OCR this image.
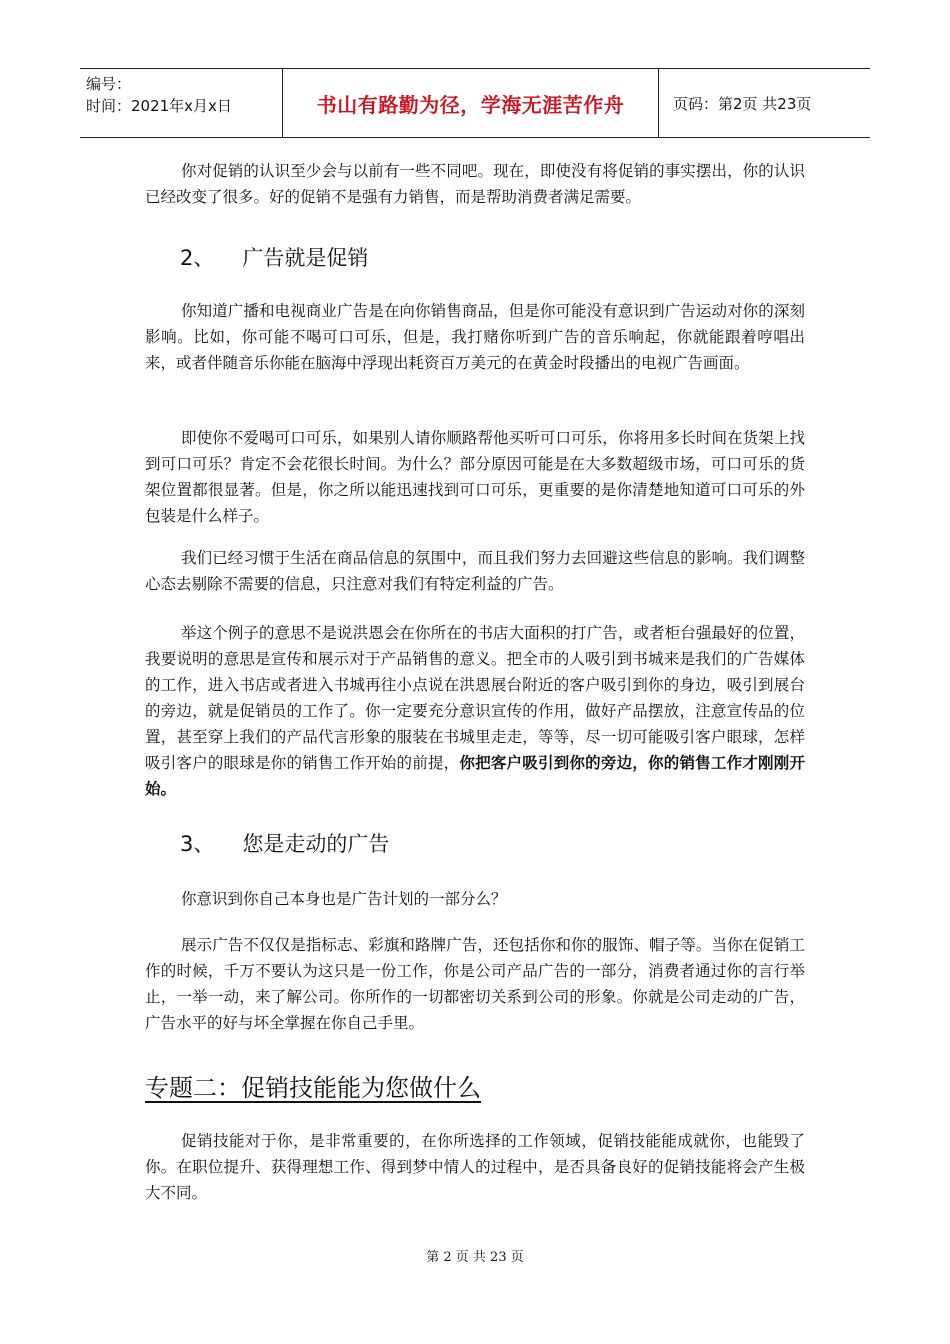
编号：
时间：2021年x月x日	书山有路勤为径，学海无涯苦作舟	页码：第2页 共23页

你对促销的认识至少会与以前有一些不同吧。现在，即使没有将促销的事实摆出，你的认识已经改变了很多。好的促销不是强有力销售，而是帮助消费者满足需要。

2、 广告就是促销

你知道广播和电视商业广告是在向你销售商品，但是你可能没有意识到广告运动对你的深刻影响。比如，你可能不喝可口可乐，但是，我打赌你听到广告的音乐响起，你就能跟着哼唱出来，或者伴随音乐你能在脑海中浮现出耗资百万美元的在黄金时段播出的电视广告画面。

即使你不爱喝可口可乐，如果别人请你顺路帮他买听可口可乐，你将用多长时间在货架上找到可口可乐？肯定不会花很长时间。为什么？部分原因可能是在大多数超级市场，可口可乐的货架位置都很显著。但是，你之所以能迅速找到可口可乐，更重要的是你清楚地知道可口可乐的外包装是什么样子。

我们已经习惯于生活在商品信息的氛围中，而且我们努力去回避这些信息的影响。我们调整心态去剔除不需要的信息，只注意对我们有特定利益的广告。

举这个例子的意思不是说洪恩会在你所在的书店大面积的打广告，或者柜台强最好的位置，我要说明的意思是宣传和展示对于产品销售的意义。把全市的人吸引到书城来是我们的广告媒体的工作，进入书店或者进入书城再往小点说在洪恩展台附近的客户吸引到你的身边，吸引到展台的旁边，就是促销员的工作了。你一定要充分意识宣传的作用，做好产品摆放，注意宣传品的位置，甚至穿上我们的产品代言形象的服装在书城里走走，等等，尽一切可能吸引客户眼球，怎样吸引客户的眼球是你的销售工作开始的前提，你把客户吸引到你的旁边，你的销售工作才刚刚开始。

3、 您是走动的广告

你意识到你自己本身也是广告计划的一部分么？

展示广告不仅仅是指标志、彩旗和路牌广告，还包括你和你的服饰、帽子等。当你在促销工作的时候，千万不要认为这只是一份工作，你是公司产品广告的一部分，消费者通过你的言行举止，一举一动，来了解公司。你所作的一切都密切关系到公司的形象。你就是公司走动的广告，广告水平的好与坏全掌握在你自己手里。

专题二：促销技能能为您做什么

促销技能对于你，是非常重要的，在你所选择的工作领域，促销技能能成就你，也能毁了你。在职位提升、获得理想工作、得到梦中情人的过程中，是否具备良好的促销技能将会产生极大不同。

第 2 页 共 23 页
